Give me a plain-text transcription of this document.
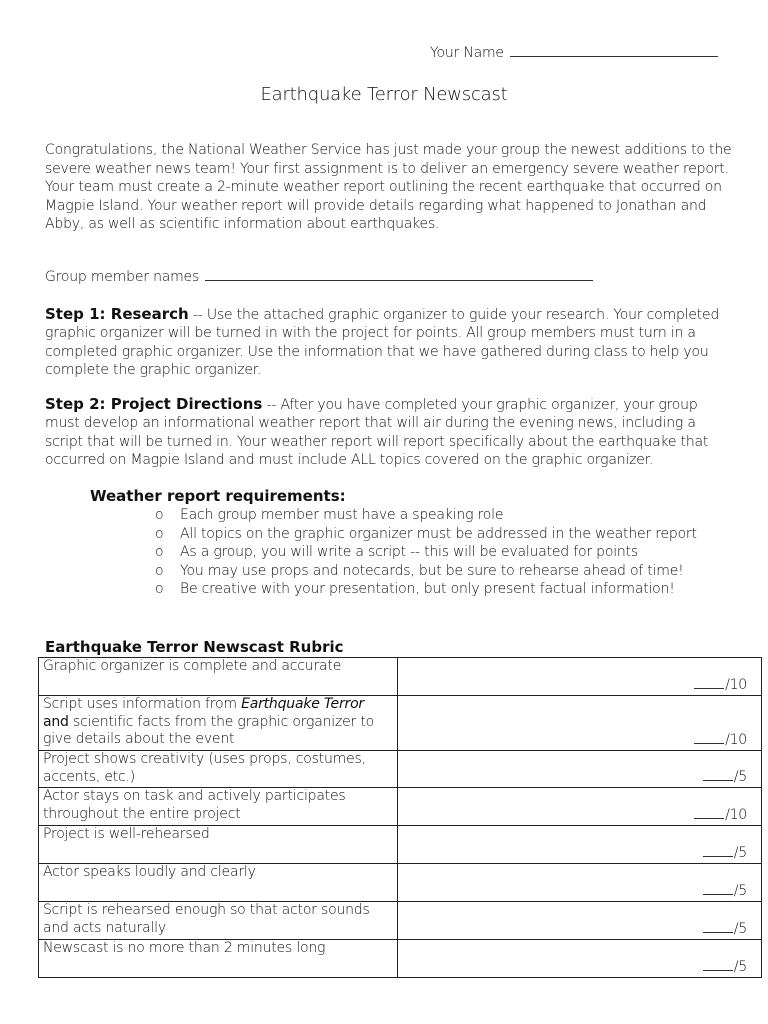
Your Name
Earthquake Terror Newscast

Congratulations, the National Weather Service has just made your group the newest additions to the severe weather news team! Your first assignment is to deliver an emergency severe weather report. Your team must create a 2-minute weather report outlining the recent earthquake that occurred on Magpie Island. Your weather report will provide details regarding what happened to Jonathan and Abby, as well as scientific information about earthquakes.

Group member names

Step 1: Research -- Use the attached graphic organizer to guide your research. Your completed graphic organizer will be turned in with the project for points. All group members must turn in a completed graphic organizer. Use the information that we have gathered during class to help you complete the graphic organizer.

Step 2: Project Directions -- After you have completed your graphic organizer, your group must develop an informational weather report that will air during the evening news, including a script that will be turned in. Your weather report will report specifically about the earthquake that occurred on Magpie Island and must include ALL topics covered on the graphic organizer.

Weather report requirements:
o Each group member must have a speaking role
o All topics on the graphic organizer must be addressed in the weather report
o As a group, you will write a script -- this will be evaluated for points
o You may use props and notecards, but be sure to rehearse ahead of time!
o Be creative with your presentation, but only present factual information!
Earthquake Terror Newscast Rubric
Graphic organizer is complete and accurate	/10
Script uses information from Earthquake Terror and scientific facts from the graphic organizer to give details about the event	/10
Project shows creativity (uses props, costumes, accents, etc.)	/5
Actor stays on task and actively participates throughout the entire project	/10
Project is well-rehearsed	/5
Actor speaks loudly and clearly	/5
Script is rehearsed enough so that actor sounds and acts naturally	/5
Newscast is no more than 2 minutes long	/5
